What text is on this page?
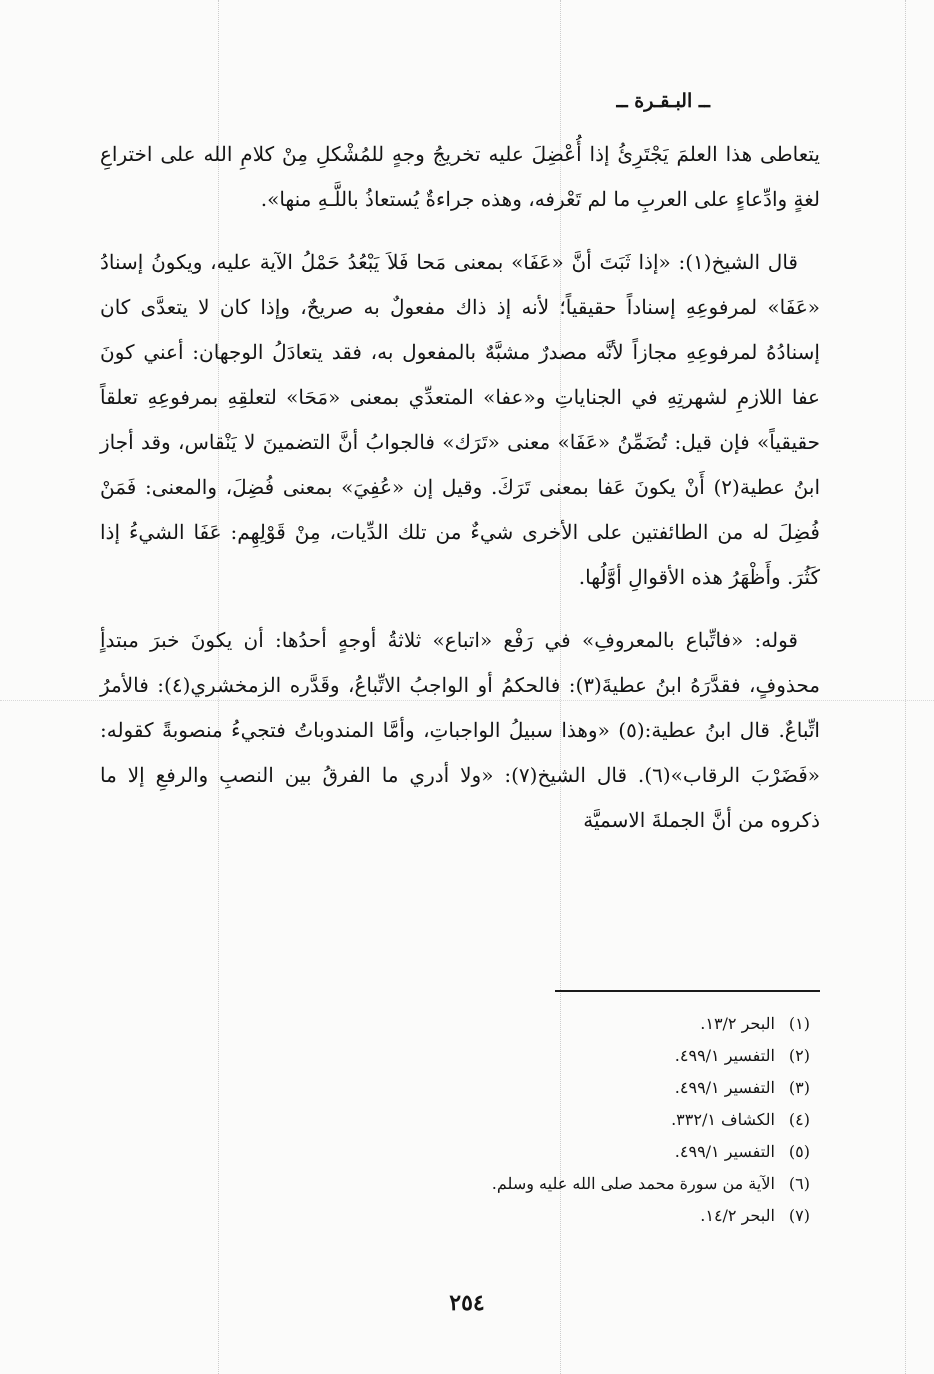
ــ البـقـرة ــ

يتعاطى هذا العلمَ يَجْتَرِئُ إذا أُعْضِلَ عليه تخريجُ وجهٍ للمُشْكلِ مِنْ كلامِ الله على اختراعِ لغةٍ وادِّعاءٍ على العربِ ما لم تَعْرفه، وهذه جراءةٌ يُستعاذُ باللَّـهِ منها».

قال الشيخ(١): «إذا ثَبَتَ أنَّ «عَفَا» بمعنى مَحا فَلاَ يَبْعُدُ حَمْلُ الآية عليه، ويكونُ إسنادُ «عَفَا» لمرفوعِهِ إسناداً حقيقياً؛ لأنه إذ ذاك مفعولٌ به صريحٌ، وإذا كان لا يتعدَّى كان إسنادُهُ لمرفوعِهِ مجازاً لأنَّه مصدرٌ مشبَّهٌ بالمفعول به، فقد يتعادَلُ الوجهان: أعني كونَ عفا اللازمِ لشهرتِهِ في الجناياتِ و«عفا» المتعدِّي بمعنى «مَحَا» لتعلقِهِ بمرفوعِهِ تعلقاً حقيقياً» فإن قيل: تُضَمِّنُ «عَفَا» معنى «تَرَك» فالجوابُ أنَّ التضمينَ لا يَنْقاس، وقد أجاز ابنُ عطية(٢) أَنْ يكونَ عَفا بمعنى تَرَكَ. وقيل إن «عُفِيَ» بمعنى فُضِلَ، والمعنى: فَمَنْ فُضِلَ له من الطائفتين على الأخرى شيءٌ من تلك الدِّيات، مِنْ قَوْلِهِم: عَفَا الشيءُ إذا كَثُرَ. وأَظْهَرُ هذه الأقوالِ أوَّلُها.

قوله: «فاتِّباع بالمعروفِ» في رَفْع «اتباع» ثلاثةُ أوجهٍ أحدُها: أن يكونَ خبرَ مبتدأٍ محذوفٍ، فقدَّرَهُ ابنُ عطيةَ(٣): فالحكمُ أو الواجبُ الاتِّباعُ، وقَدَّره الزمخشري(٤): فالأمرُ اتِّباعٌ. قال ابنُ عطية:(٥) «وهذا سبيلُ الواجباتِ، وأمَّا المندوباتُ فتجيءُ منصوبةً كقوله: «فَضَرْبَ الرقاب»(٦). قال الشيخ(٧): «ولا أدري ما الفرقُ بين النصبِ والرفعِ إلا ما ذكروه من أنَّ الجملةَ الاسميَّة

(١) البحر ١٣/٢.
(٢) التفسير ٤٩٩/١.
(٣) التفسير ٤٩٩/١.
(٤) الكشاف ٣٣٢/١.
(٥) التفسير ٤٩٩/١.
(٦) الآية من سورة محمد صلى الله عليه وسلم.
(٧) البحر ١٤/٢.
٢٥٤
